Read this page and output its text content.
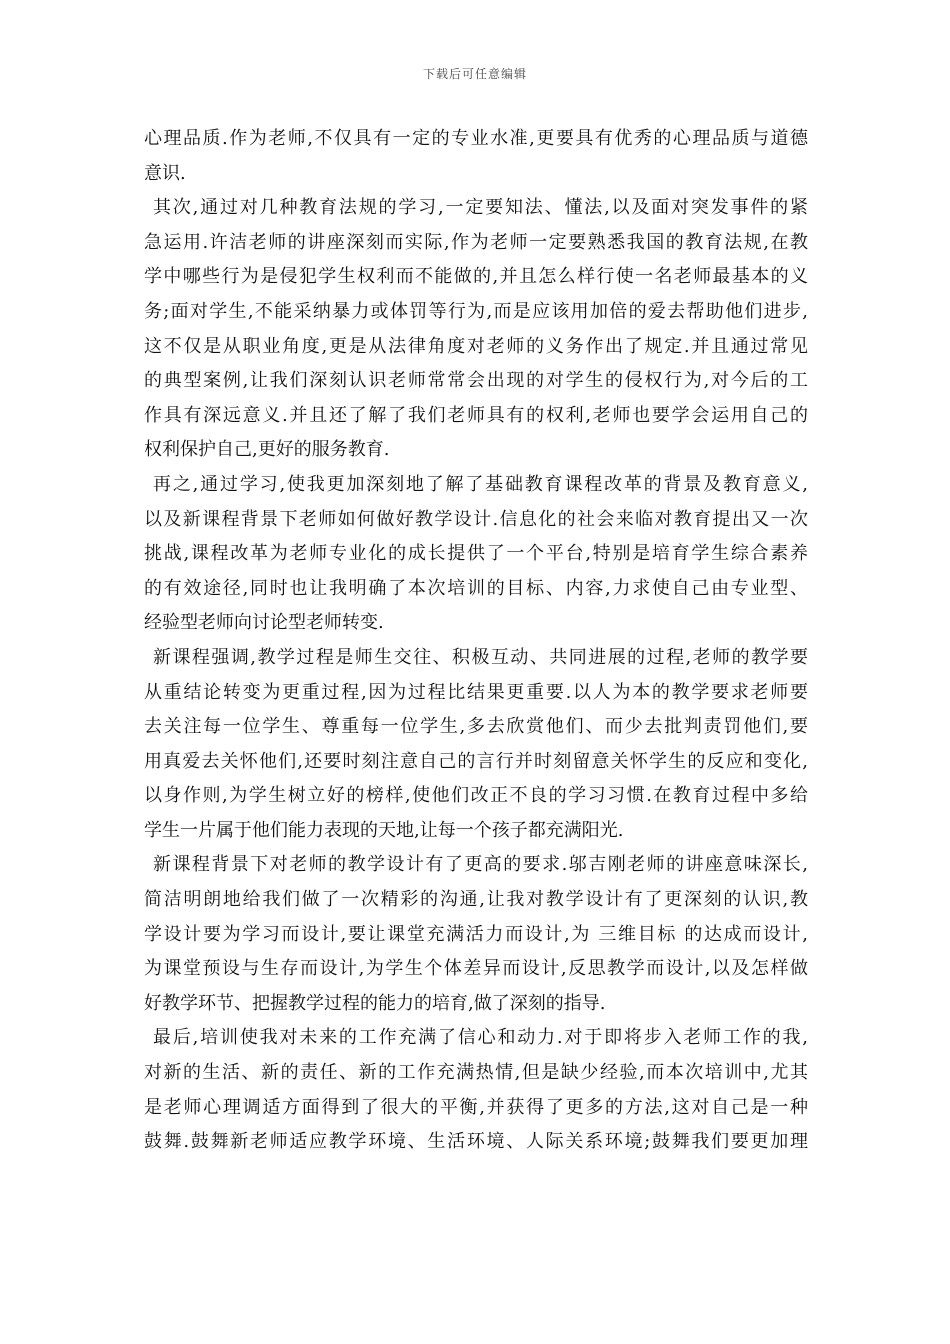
下载后可任意编辑
心理品质.作为老师,不仅具有一定的专业水准,更要具有优秀的心理品质与道德
意识.
其次,通过对几种教育法规的学习,一定要知法、懂法,以及面对突发事件的紧
急运用.许洁老师的讲座深刻而实际,作为老师一定要熟悉我国的教育法规,在教
学中哪些行为是侵犯学生权利而不能做的,并且怎么样行使一名老师最基本的义
务;面对学生,不能采纳暴力或体罚等行为,而是应该用加倍的爱去帮助他们进步,
这不仅是从职业角度,更是从法律角度对老师的义务作出了规定.并且通过常见
的典型案例,让我们深刻认识老师常常会出现的对学生的侵权行为,对今后的工
作具有深远意义.并且还了解了我们老师具有的权利,老师也要学会运用自己的
权利保护自己,更好的服务教育.
再之,通过学习,使我更加深刻地了解了基础教育课程改革的背景及教育意义,
以及新课程背景下老师如何做好教学设计.信息化的社会来临对教育提出又一次
挑战,课程改革为老师专业化的成长提供了一个平台,特别是培育学生综合素养
的有效途径,同时也让我明确了本次培训的目标、内容,力求使自己由专业型、
经验型老师向讨论型老师转变.
新课程强调,教学过程是师生交往、积极互动、共同进展的过程,老师的教学要
从重结论转变为更重过程,因为过程比结果更重要.以人为本的教学要求老师要
去关注每一位学生、尊重每一位学生,多去欣赏他们、而少去批判责罚他们,要
用真爱去关怀他们,还要时刻注意自己的言行并时刻留意关怀学生的反应和变化,
以身作则,为学生树立好的榜样,使他们改正不良的学习习惯.在教育过程中多给
学生一片属于他们能力表现的天地,让每一个孩子都充满阳光.
新课程背景下对老师的教学设计有了更高的要求.邬吉刚老师的讲座意味深长,
简洁明朗地给我们做了一次精彩的沟通,让我对教学设计有了更深刻的认识,教
学设计要为学习而设计,要让课堂充满活力而设计,为 三维目标 的达成而设计,
为课堂预设与生存而设计,为学生个体差异而设计,反思教学而设计,以及怎样做
好教学环节、把握教学过程的能力的培育,做了深刻的指导.
最后,培训使我对未来的工作充满了信心和动力.对于即将步入老师工作的我,
对新的生活、新的责任、新的工作充满热情,但是缺少经验,而本次培训中,尤其
是老师心理调适方面得到了很大的平衡,并获得了更多的方法,这对自己是一种
鼓舞.鼓舞新老师适应教学环境、生活环境、人际关系环境;鼓舞我们要更加理
